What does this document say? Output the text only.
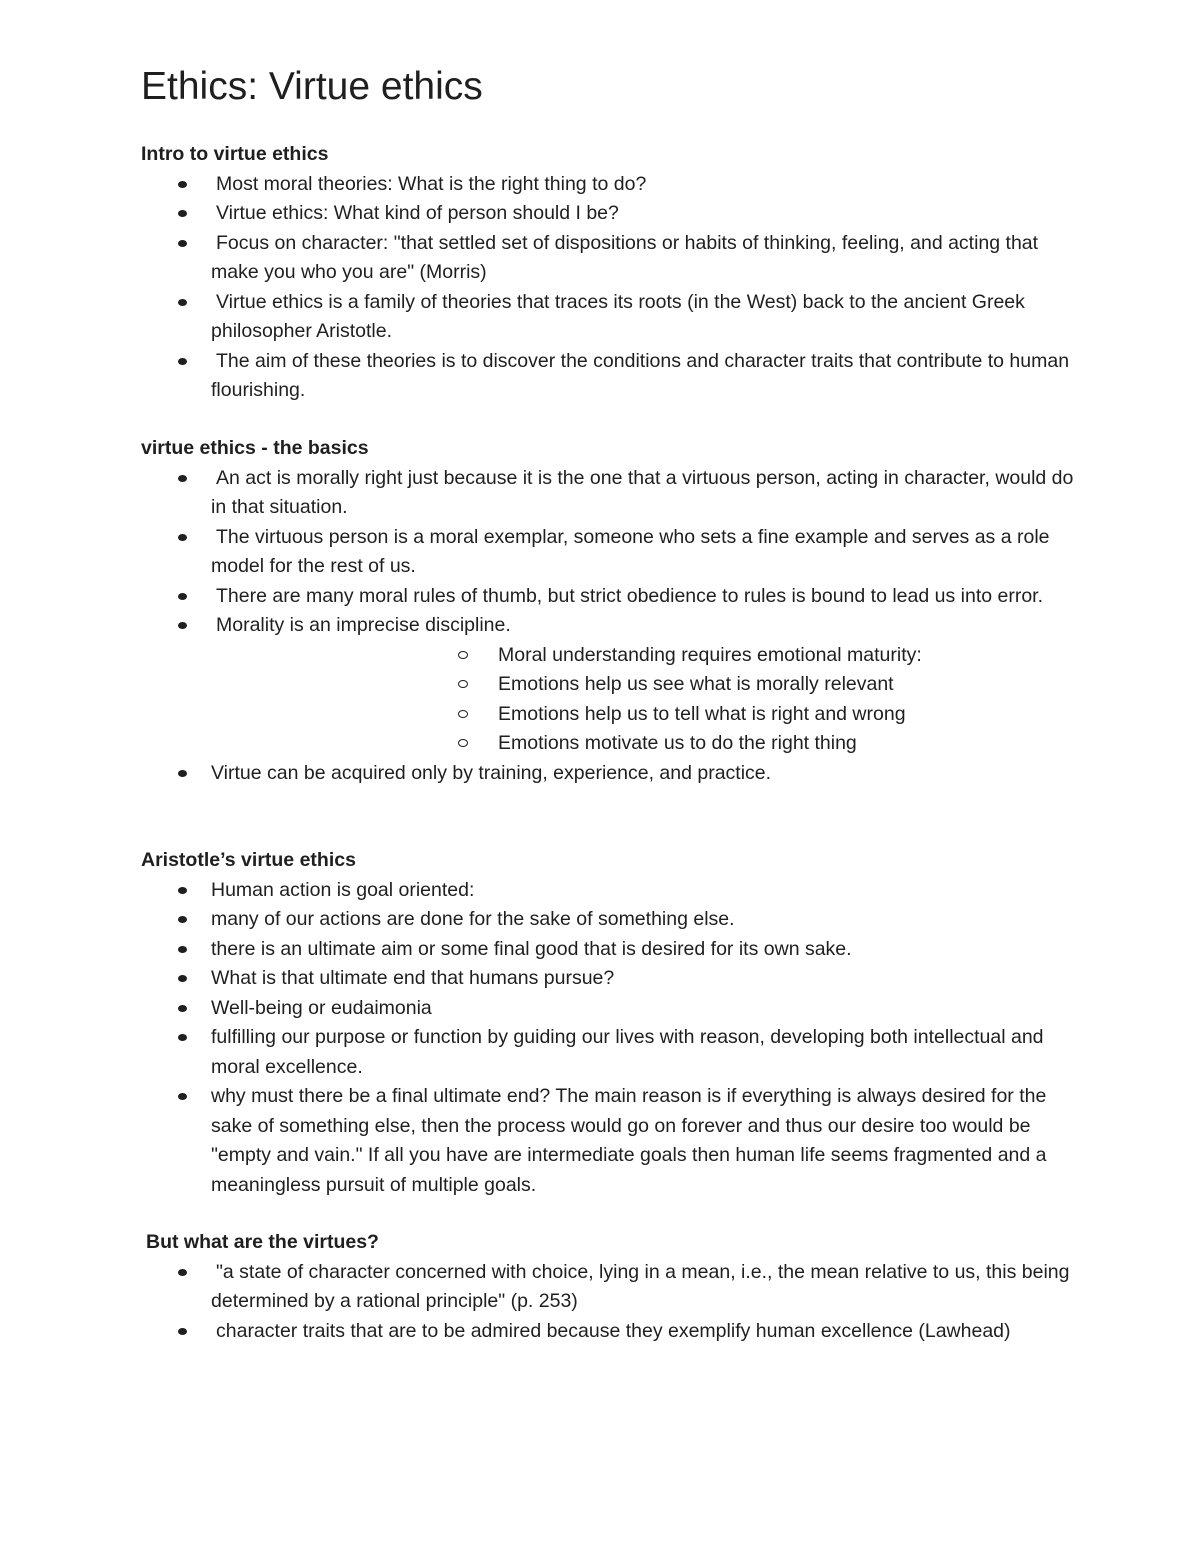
Ethics: Virtue ethics
Intro to virtue ethics
Most moral theories: What is the right thing to do?
Virtue ethics: What kind of person should I be?
Focus on character: "that settled set of dispositions or habits of thinking, feeling, and acting that make you who you are" (Morris)
Virtue ethics is a family of theories that traces its roots (in the West) back to the ancient Greek philosopher Aristotle.
The aim of these theories is to discover the conditions and character traits that contribute to human flourishing.
virtue ethics - the basics
An act is morally right just because it is the one that a virtuous person, acting in character, would do in that situation.
The virtuous person is a moral exemplar, someone who sets a fine example and serves as a role model for the rest of us.
There are many moral rules of thumb, but strict obedience to rules is bound to lead us into error.
Morality is an imprecise discipline.
Moral understanding requires emotional maturity:
Emotions help us see what is morally relevant
Emotions help us to tell what is right and wrong
Emotions motivate us to do the right thing
Virtue can be acquired only by training, experience, and practice.
Aristotle’s virtue ethics
Human action is goal oriented:
many of our actions are done for the sake of something else.
there is an ultimate aim or some final good that is desired for its own sake.
What is that ultimate end that humans pursue?
Well-being or eudaimonia
fulfilling our purpose or function by guiding our lives with reason, developing both intellectual and moral excellence.
why must there be a final ultimate end? The main reason is if everything is always desired for the sake of something else, then the process would go on forever and thus our desire too would be "empty and vain." If all you have are intermediate goals then human life seems fragmented and a meaningless pursuit of multiple goals.
But what are the virtues?
"a state of character concerned with choice, lying in a mean, i.e., the mean relative to us, this being determined by a rational principle" (p. 253)
character traits that are to be admired because they exemplify human excellence (Lawhead)
